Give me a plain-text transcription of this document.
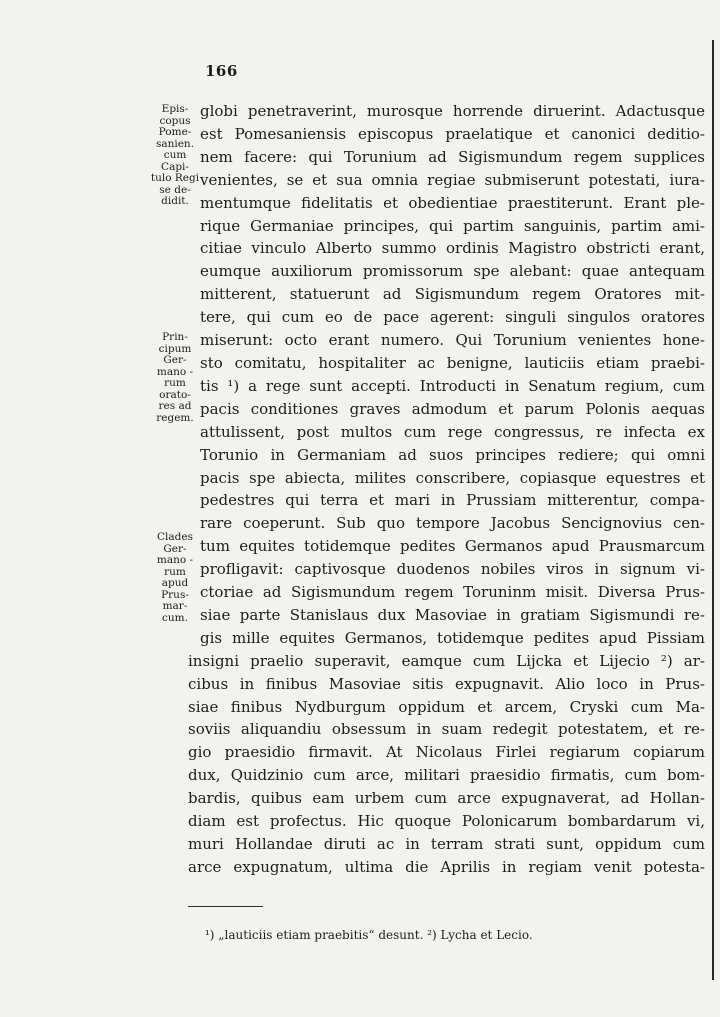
166
Epis- copus Pome- sanien. cum Capi- tulo Regi se de- didit.
Prin- cipum Ger- mano - rum orato- res ad regem.
Clades Ger- mano - rum apud Prus- mar- cum.
globi penetraverint, murosque horrende diruerint. Adactusque
est Pomesaniensis episcopus praelatique et canonici deditio-
nem facere: qui Torunium ad Sigismundum regem supplices
venientes, se et sua omnia regiae submiserunt potestati, iura-
mentumque fidelitatis et obedientiae praestiterunt. Erant ple-
rique Germaniae principes, qui partim sanguinis, partim ami-
citiae vinculo Alberto summo ordinis Magistro obstricti erant,
eumque auxiliorum promissorum spe alebant: quae antequam
mitterent, statuerunt ad Sigismundum regem Oratores mit-
tere, qui cum eo de pace agerent: singuli singulos oratores
miserunt: octo erant numero. Qui Torunium venientes hone-
sto comitatu, hospitaliter ac benigne, lauticiis etiam praebi-
tis ¹) a rege sunt accepti. Introducti in Senatum regium, cum
pacis conditiones graves admodum et parum Polonis aequas
attulissent, post multos cum rege congressus, re infecta ex
Torunio in Germaniam ad suos principes rediere; qui omni
pacis spe abiecta, milites conscribere, copiasque equestres et
pedestres qui terra et mari in Prussiam mitterentur, compa-
rare coeperunt. Sub quo tempore Jacobus Sencignovius cen-
tum equites totidemque pedites Germanos apud Prausmarcum
profligavit: captivosque duodenos nobiles viros in signum vi-
ctoriae ad Sigismundum regem Toruninm misit. Diversa Prus-
siae parte Stanislaus dux Masoviae in gratiam Sigismundi re-
gis mille equites Germanos, totidemque pedites apud Pissiam
insigni praelio superavit, eamque cum Lijcka et Lijecio ²) ar-
cibus in finibus Masoviae sitis expugnavit. Alio loco in Prus-
siae finibus Nydburgum oppidum et arcem, Cryski cum Ma-
soviis aliquandiu obsessum in suam redegit potestatem, et re-
gio praesidio firmavit. At Nicolaus Firlei regiarum copiarum
dux, Quidzinio cum arce, militari praesidio firmatis, cum bom-
bardis, quibus eam urbem cum arce expugnaverat, ad Hollan-
diam est profectus. Hic quoque Polonicarum bombardarum vi,
muri Hollandae diruti ac in terram strati sunt, oppidum cum
arce expugnatum, ultima die Aprilis in regiam venit potesta-
¹) „lauticiis etiam praebitis“ desunt. ²) Lycha et Lecio.
